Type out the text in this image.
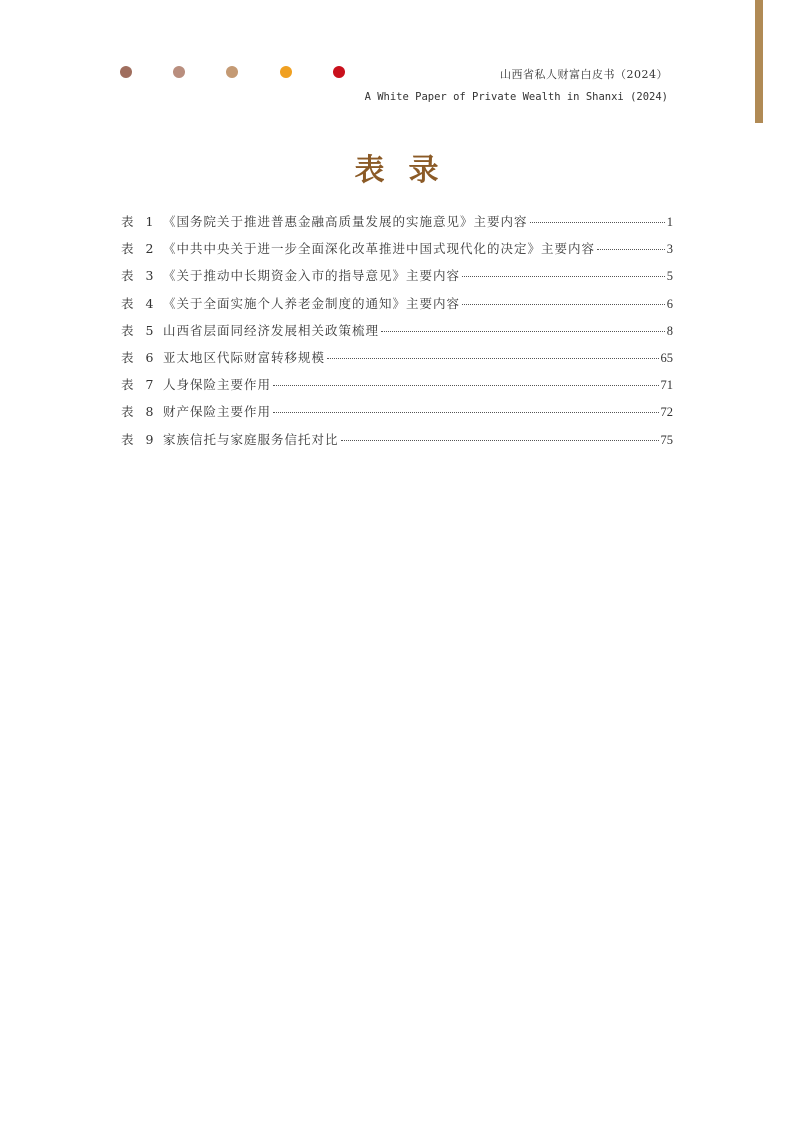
山西省私人财富白皮书（2024）
A White Paper of Private Wealth in Shanxi (2024)
表录
表 1 《国务院关于推进普惠金融高质量发展的实施意见》主要内容	1
表 2 《中共中央关于进一步全面深化改革推进中国式现代化的决定》主要内容	3
表 3 《关于推动中长期资金入市的指导意见》主要内容	5
表 4 《关于全面实施个人养老金制度的通知》主要内容	6
表 5 山西省层面同经济发展相关政策梳理	8
表 6 亚太地区代际财富转移规模	65
表 7 人身保险主要作用	71
表 8 财产保险主要作用	72
表 9 家族信托与家庭服务信托对比	75
